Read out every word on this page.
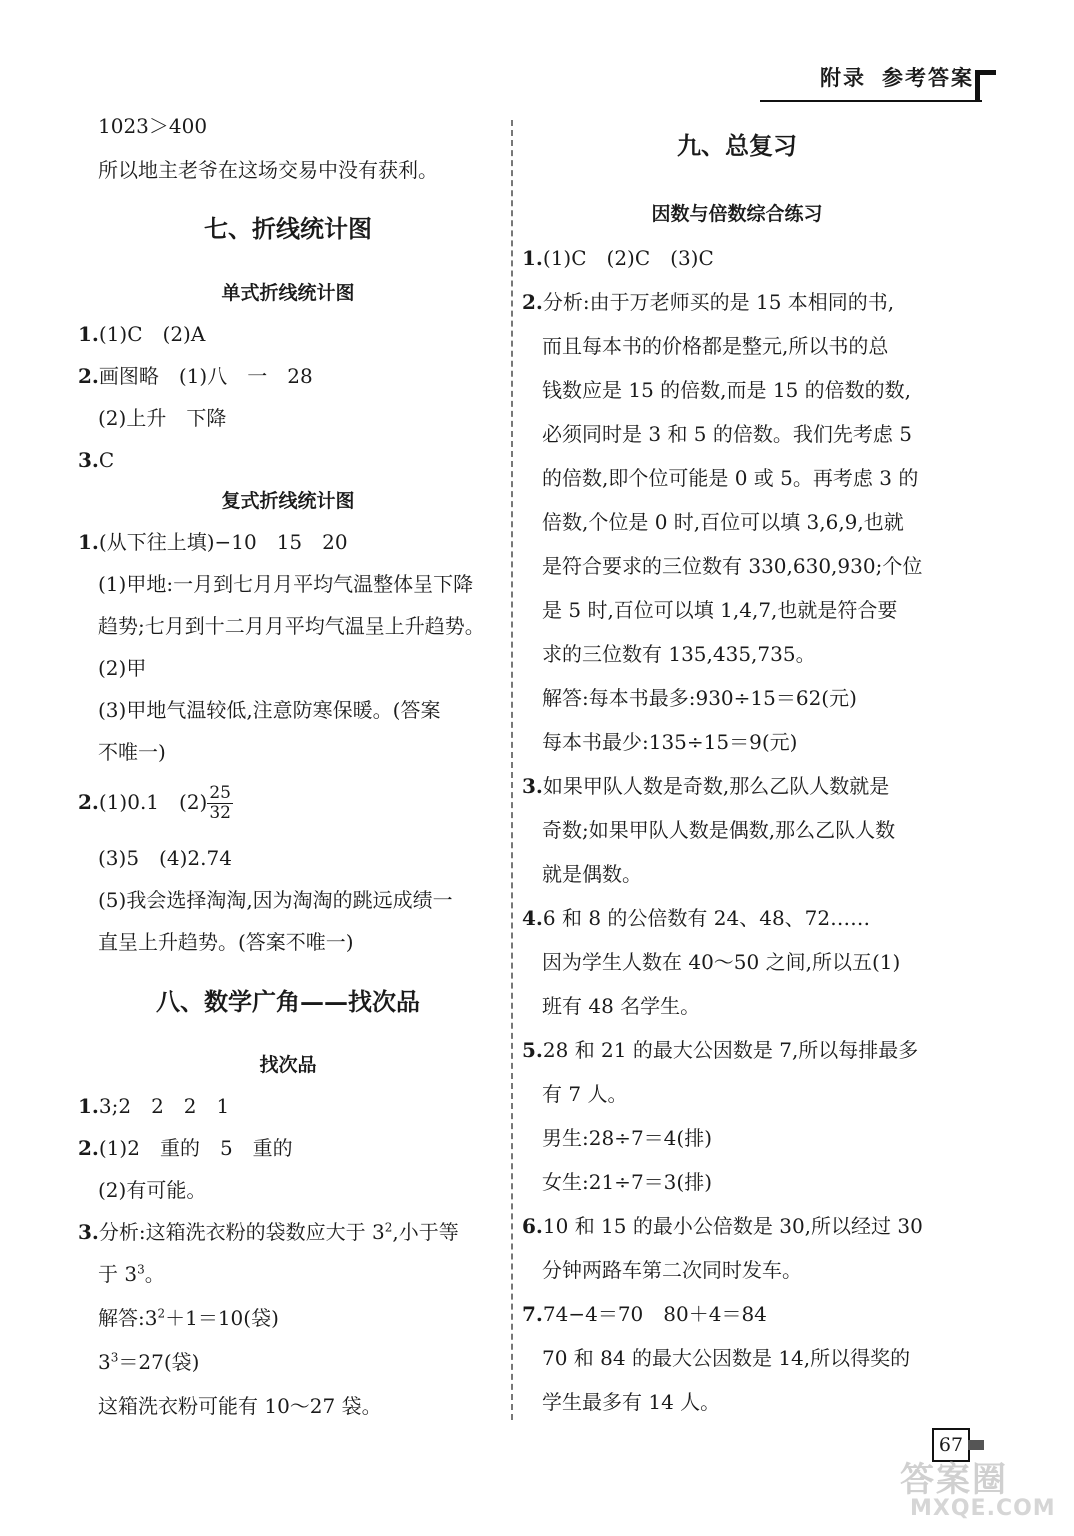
附录 参考答案
1023＞400
所以地主老爷在这场交易中没有获利。
七、折线统计图
单式折线统计图
1.(1)C　(2)A
2.画图略　(1)八　一　28
(2)上升　下降
3.C
复式折线统计图
1.(从下往上填)−10　15　20
(1)甲地:一月到七月月平均气温整体呈下降
趋势;七月到十二月月平均气温呈上升趋势。
(2)甲
(3)甲地气温较低,注意防寒保暖。(答案
不唯一)
2.(1)0.1　$(2) \frac{25}{32}$
(3)5　(4)2.74
(5)我会选择淘淘,因为淘淘的跳远成绩一
直呈上升趋势。(答案不唯一)
八、数学广角——找次品
找次品
1.3;2　2　2　1
2.(1)2　重的　5　重的
(2)有可能。
3.分析:这箱洗衣粉的袋数应大于 $3^2$,小于等
于 $3^3$。
解答$:3^2+1=10$(袋)
$3^3=27$(袋)
这箱洗衣粉可能有 10～27 袋。
九、总复习
因数与倍数综合练习
1.(1)C　(2)C　(3)C
2.分析:由于万老师买的是 15 本相同的书,
而且每本书的价格都是整元,所以书的总
钱数应是 15 的倍数,而是 15 的倍数的数,
必须同时是 3 和 5 的倍数。我们先考虑 5
的倍数,即个位可能是 0 或 5。再考虑 3 的
倍数,个位是 0 时,百位可以填 3,6,9,也就
是符合要求的三位数有 330,630,930;个位
是 5 时,百位可以填 1,4,7,也就是符合要
求的三位数有 135,435,735。
解答:每本书最多:930÷15＝62(元)
每本书最少:135÷15＝9(元)
3.如果甲队人数是奇数,那么乙队人数就是
奇数;如果甲队人数是偶数,那么乙队人数
就是偶数。
4.6 和 8 的公倍数有 24、48、72……
因为学生人数在 40～50 之间,所以五(1)
班有 48 名学生。
5.28 和 21 的最大公因数是 7,所以每排最多
有 7 人。
男生:28÷7＝4(排)
女生:21÷7＝3(排)
6.10 和 15 的最小公倍数是 30,所以经过 30
分钟两路车第二次同时发车。
7.74−4＝70　80＋4＝84
70 和 84 的最大公因数是 14,所以得奖的
学生最多有 14 人。
67
答案圈
MXQE.COM
